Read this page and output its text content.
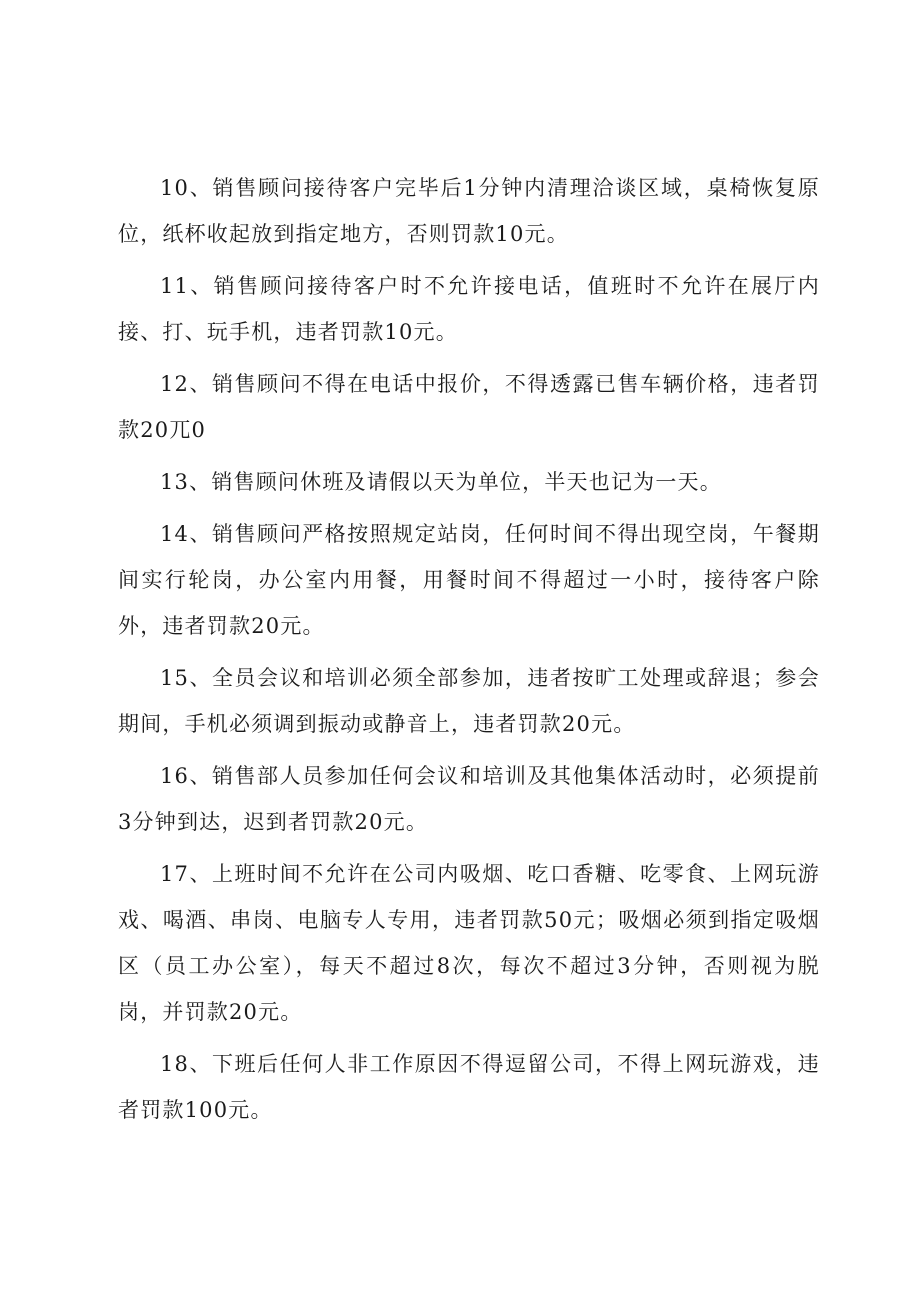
10、销售顾问接待客户完毕后1分钟内清理洽谈区域，桌椅恢复原位，纸杯收起放到指定地方，否则罚款10元。

11、销售顾问接待客户时不允许接电话，值班时不允许在展厅内接、打、玩手机，违者罚款10元。

12、销售顾问不得在电话中报价，不得透露已售车辆价格，违者罚款20兀0

13、销售顾问休班及请假以天为单位，半天也记为一天。

14、销售顾问严格按照规定站岗，任何时间不得出现空岗，午餐期间实行轮岗，办公室内用餐，用餐时间不得超过一小时，接待客户除外，违者罚款20元。

15、全员会议和培训必须全部参加，违者按旷工处理或辞退；参会期间，手机必须调到振动或静音上，违者罚款20元。

16、销售部人员参加任何会议和培训及其他集体活动时，必须提前3分钟到达，迟到者罚款20元。

17、上班时间不允许在公司内吸烟、吃口香糖、吃零食、上网玩游戏、喝酒、串岗、电脑专人专用，违者罚款50元；吸烟必须到指定吸烟区（员工办公室），每天不超过8次，每次不超过3分钟，否则视为脱岗，并罚款20元。

18、下班后任何人非工作原因不得逗留公司，不得上网玩游戏，违者罚款100元。
